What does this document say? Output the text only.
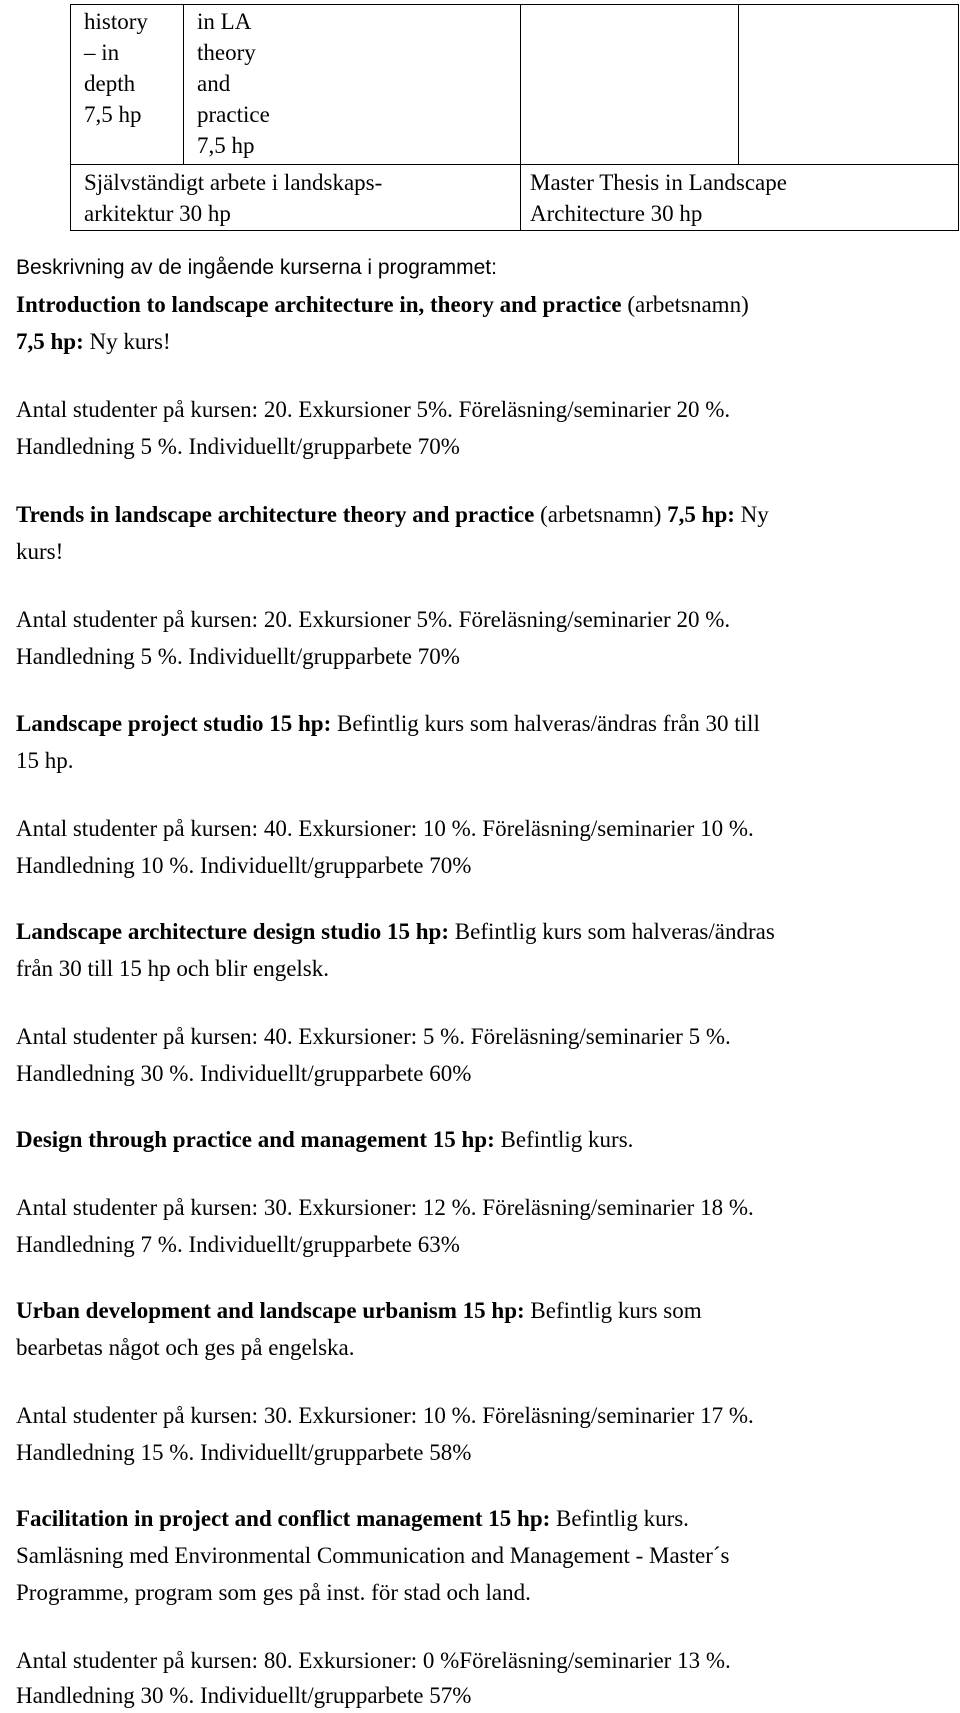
history
– in
depth
7,5 hp
in LA
theory
and
practice
7,5 hp
Självständigt arbete i landskaps-
arkitektur 30 hp
Master Thesis in Landscape
Architecture 30 hp
Beskrivning av de ingående kurserna i programmet:
Introduction to landscape architecture in, theory and practice (arbetsnamn)
7,5 hp: Ny kurs!
Antal studenter på kursen: 20. Exkursioner 5%. Föreläsning/seminarier 20 %.
Handledning 5 %. Individuellt/grupparbete 70%
Trends in landscape architecture theory and practice (arbetsnamn) 7,5 hp: Ny
kurs!
Antal studenter på kursen: 20. Exkursioner 5%. Föreläsning/seminarier 20 %.
Handledning 5 %. Individuellt/grupparbete 70%
Landscape project studio 15 hp: Befintlig kurs som halveras/ändras från 30 till
15 hp.
Antal studenter på kursen: 40. Exkursioner: 10 %. Föreläsning/seminarier 10 %.
Handledning 10 %. Individuellt/grupparbete 70%
Landscape architecture design studio 15 hp: Befintlig kurs som halveras/ändras
från 30 till 15 hp och blir engelsk.
Antal studenter på kursen: 40. Exkursioner: 5 %. Föreläsning/seminarier 5 %.
Handledning 30 %. Individuellt/grupparbete 60%
Design through practice and management 15 hp: Befintlig kurs.
Antal studenter på kursen: 30. Exkursioner: 12 %. Föreläsning/seminarier 18 %.
Handledning 7 %. Individuellt/grupparbete 63%
Urban development and landscape urbanism 15 hp: Befintlig kurs som
bearbetas något och ges på engelska.
Antal studenter på kursen: 30. Exkursioner: 10 %. Föreläsning/seminarier 17 %.
Handledning 15 %. Individuellt/grupparbete 58%
Facilitation in project and conflict management 15 hp: Befintlig kurs.
Samläsning med Environmental Communication and Management - Master´s
Programme, program som ges på inst. för stad och land.
Antal studenter på kursen: 80. Exkursioner: 0 %Föreläsning/seminarier 13 %.
Handledning 30 %. Individuellt/grupparbete 57%
